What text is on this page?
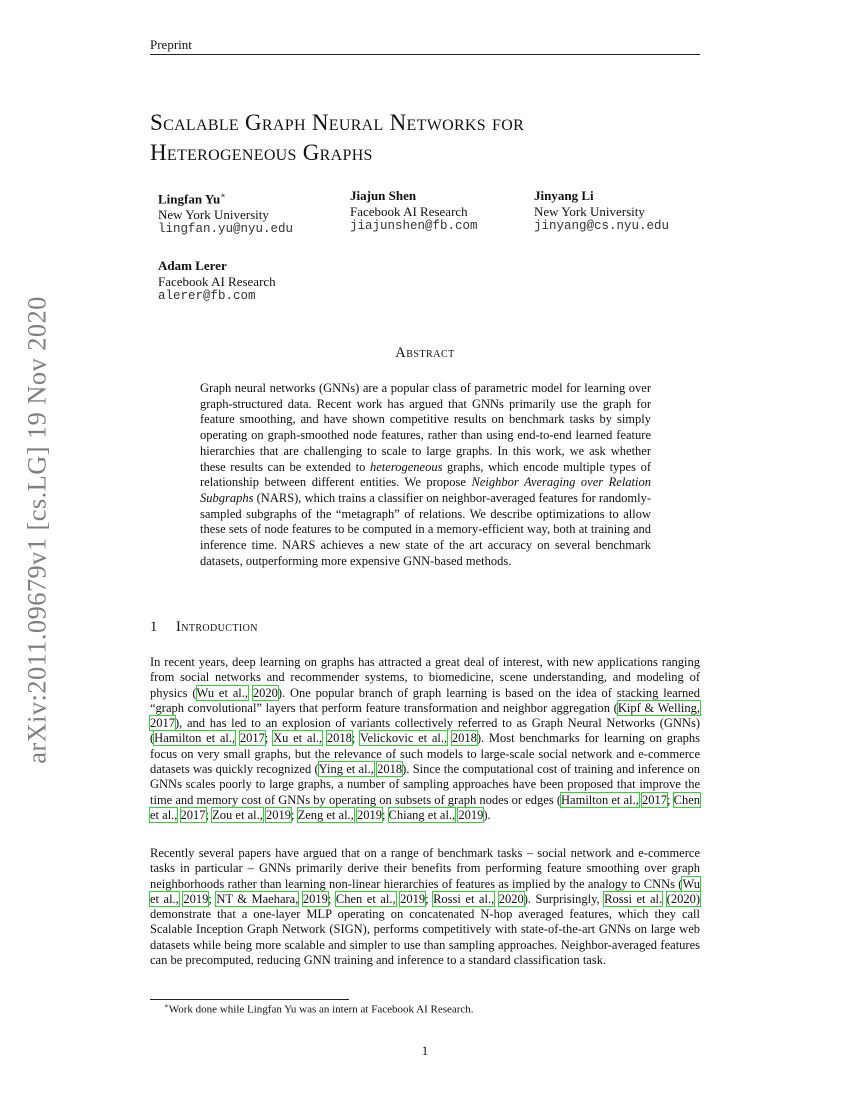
Preprint
arXiv:2011.09679v1 [cs.LG] 19 Nov 2020
Scalable Graph Neural Networks for
Heterogeneous Graphs
Lingfan Yu∗
New York University
lingfan.yu@nyu.edu
Jiajun Shen
Facebook AI Research
jiajunshen@fb.com
Jinyang Li
New York University
jinyang@cs.nyu.edu
Adam Lerer
Facebook AI Research
alerer@fb.com
Abstract
Graph neural networks (GNNs) are a popular class of parametric model for learning over graph-structured data. Recent work has argued that GNNs primarily use the graph for feature smoothing, and have shown competitive results on benchmark tasks by simply operating on graph-smoothed node features, rather than using end-to-end learned feature hierarchies that are challenging to scale to large graphs. In this work, we ask whether these results can be extended to heterogeneous graphs, which encode multiple types of relationship between different entities. We propose Neighbor Averaging over Relation Subgraphs (NARS), which trains a classifier on neighbor-averaged features for randomly-sampled subgraphs of the “metagraph” of relations. We describe optimizations to allow these sets of node features to be computed in a memory-efficient way, both at training and inference time. NARS achieves a new state of the art accuracy on several benchmark datasets, outperforming more expensive GNN-based methods.
1 Introduction
In recent years, deep learning on graphs has attracted a great deal of interest, with new applications ranging from social networks and recommender systems, to biomedicine, scene understanding, and modeling of physics (Wu et al., 2020). One popular branch of graph learning is based on the idea of stacking learned “graph convolutional” layers that perform feature transformation and neighbor aggregation (Kipf & Welling, 2017), and has led to an explosion of variants collectively referred to as Graph Neural Networks (GNNs) (Hamilton et al., 2017; Xu et al., 2018; Velickovic et al., 2018). Most benchmarks for learning on graphs focus on very small graphs, but the relevance of such models to large-scale social network and e-commerce datasets was quickly recognized (Ying et al., 2018). Since the computational cost of training and inference on GNNs scales poorly to large graphs, a number of sampling approaches have been proposed that improve the time and memory cost of GNNs by operating on subsets of graph nodes or edges (Hamilton et al., 2017; Chen et al., 2017; Zou et al., 2019; Zeng et al., 2019; Chiang et al., 2019).
Recently several papers have argued that on a range of benchmark tasks – social network and e-commerce tasks in particular – GNNs primarily derive their benefits from performing feature smoothing over graph neighborhoods rather than learning non-linear hierarchies of features as implied by the analogy to CNNs (Wu et al., 2019; NT & Maehara, 2019; Chen et al., 2019; Rossi et al., 2020). Surprisingly, Rossi et al. (2020) demonstrate that a one-layer MLP operating on concatenated N-hop averaged features, which they call Scalable Inception Graph Network (SIGN), performs competitively with state-of-the-art GNNs on large web datasets while being more scalable and simpler to use than sampling approaches. Neighbor-averaged features can be precomputed, reducing GNN training and inference to a standard classification task.
∗Work done while Lingfan Yu was an intern at Facebook AI Research.
1
